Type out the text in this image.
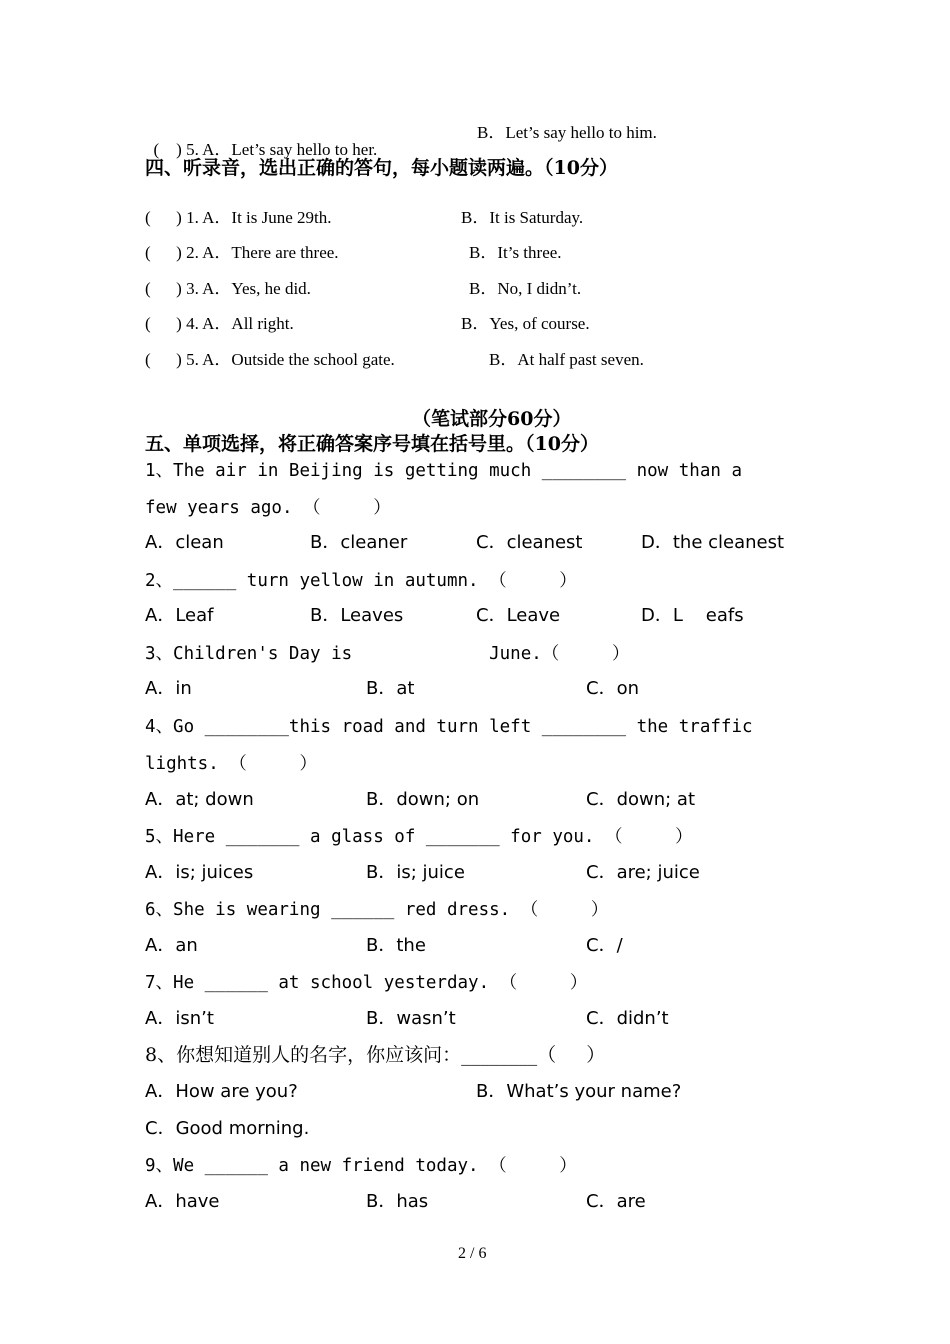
(    ) 5. A．Let’s say hello to her.

B．Let’s say hello to him.
四、听录音，选出正确的答句，每小题读两遍。（10分）
(      ) 1. A．It is June 29th.	B．It is Saturday.
(      ) 2. A．There are three.	B．It’s three.
(      ) 3. A．Yes, he did.	B．No, I didn’t.
(      ) 4. A．All right.	B．Yes, of course.
(      ) 5. A．Outside the school gate.	B．At half past seven.
（笔试部分60分）
五、单项选择，将正确答案序号填在括号里。（10分）
1、The air in Beijing is getting much ________ now than a
few years ago. （     ）
A．clean	B．cleaner	C．cleanest	D．the cleanest
2、______ turn yellow in autumn. （     ）
A．Leaf	B．Leaves	C．Leave	D．L    eafs
3、Children's Day is             June.（     ）
A．in	B．at	C．on
4、Go ________this road and turn left ________ the traffic
lights. （     ）
A．at; down	B．down; on	C．down; at
5、Here _______ a glass of _______ for you. （     ）
A．is; juices	B．is; juice	C．are; juice
6、She is wearing ______ red dress. （     ）
A．an	B．the	C．/
7、He ______ at school yesterday. （     ）
A．isn’t	B．wasn’t	C．didn’t
8、你想知道别人的名字，你应该问：________（     ）
A．How are you?	B．What’s your name?
C．Good morning.
9、We ______ a new friend today. （     ）
A．have	B．has	C．are
2 / 6
